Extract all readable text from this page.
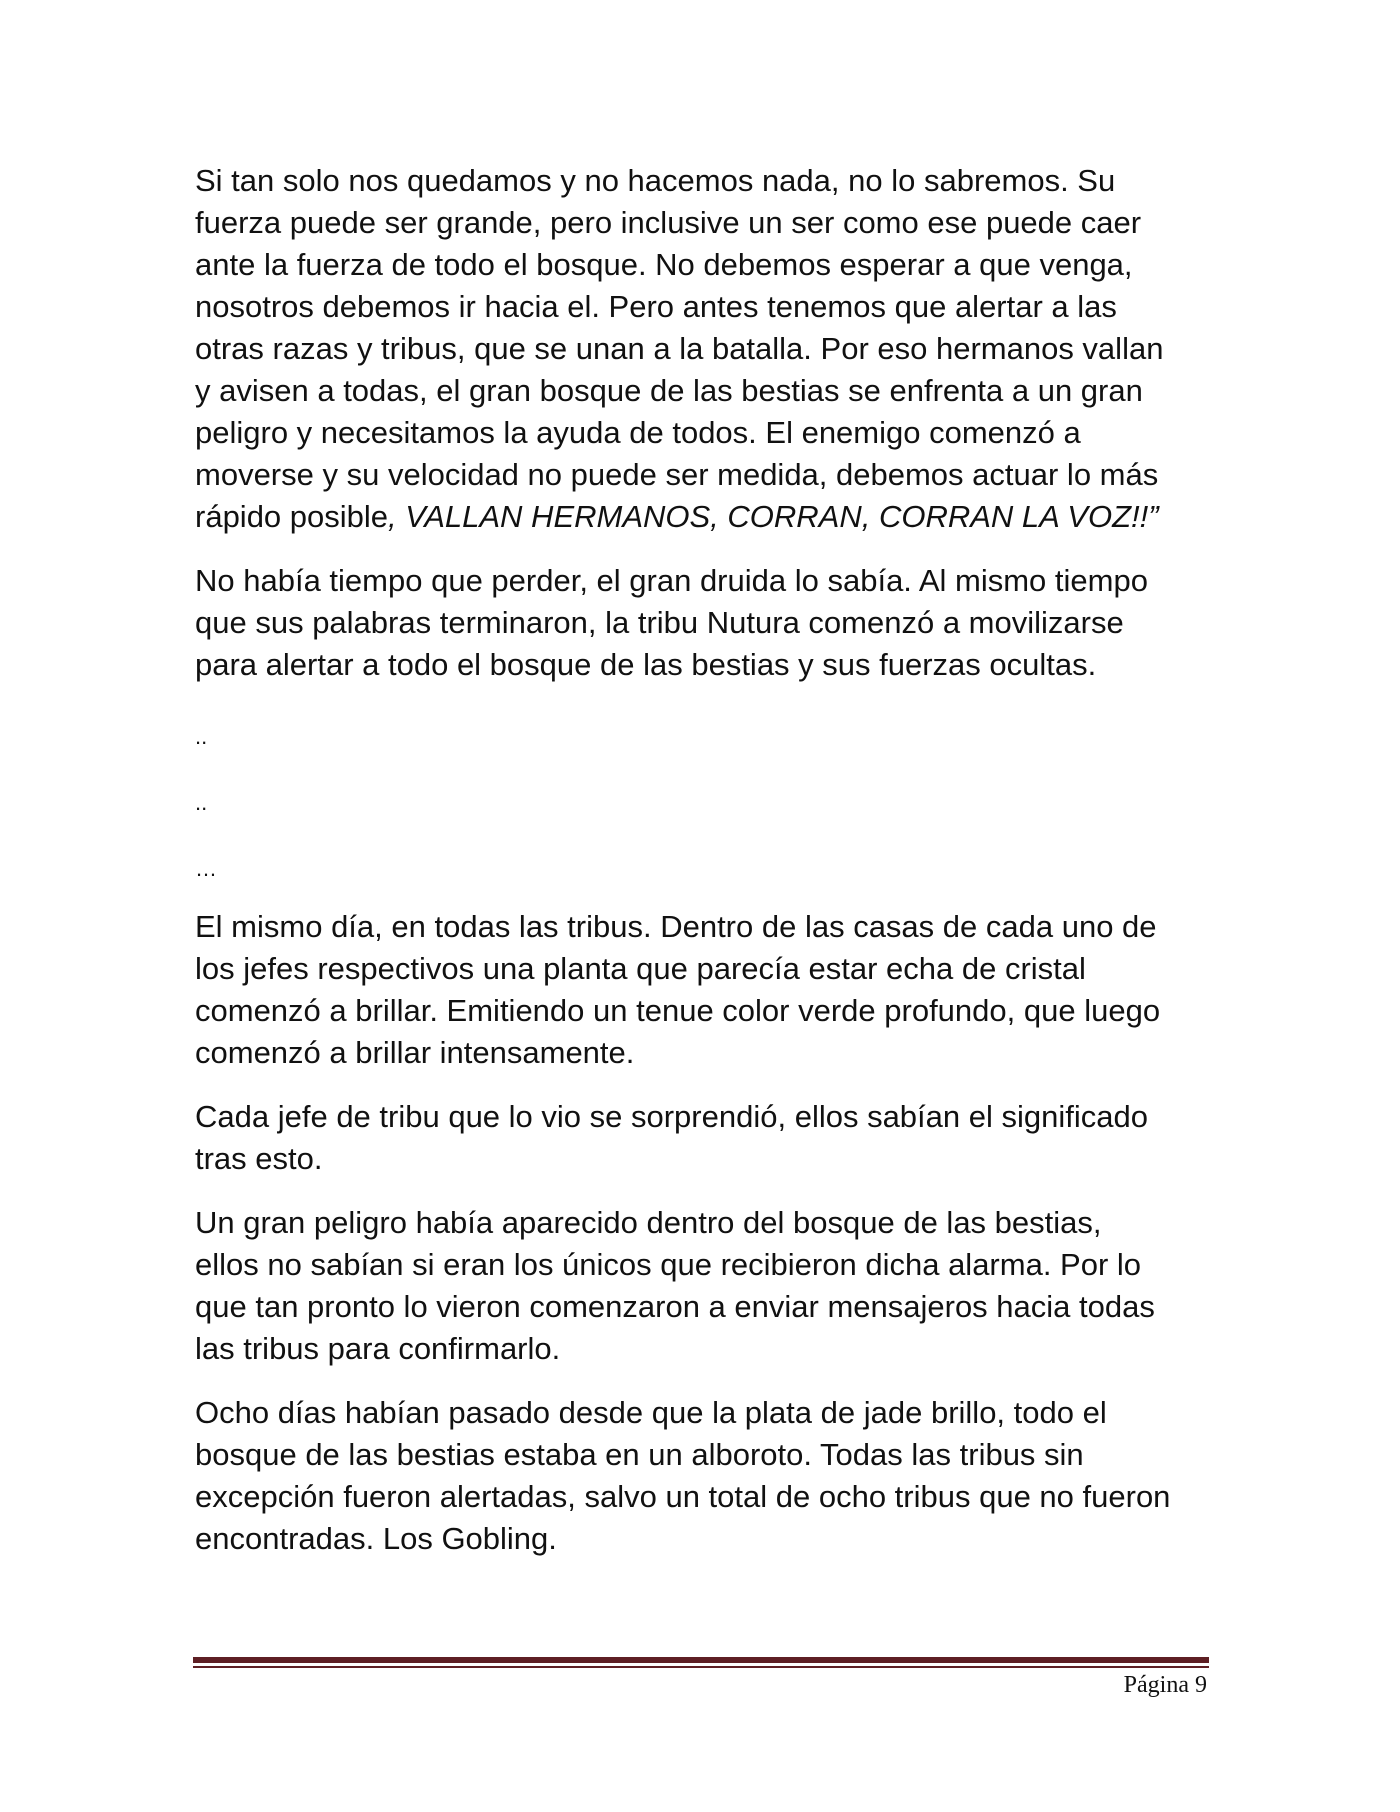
Si tan solo nos quedamos y no hacemos nada, no lo sabremos. Su
fuerza puede ser grande, pero inclusive un ser como ese puede caer
ante la fuerza de todo el bosque. No debemos esperar a que venga,
nosotros debemos ir hacia el. Pero antes tenemos que alertar a las
otras razas y tribus, que se unan a la batalla. Por eso hermanos vallan
y avisen a todas, el gran bosque de las bestias se enfrenta a un gran
peligro y necesitamos la ayuda de todos. El enemigo comenzó a
moverse y su velocidad no puede ser medida, debemos actuar lo más
rápido posible, VALLAN HERMANOS, CORRAN, CORRAN LA VOZ!!”

No había tiempo que perder, el gran druida lo sabía. Al mismo tiempo
que sus palabras terminaron, la tribu Nutura comenzó a movilizarse
para alertar a todo el bosque de las bestias y sus fuerzas ocultas.

..

..

…

El mismo día, en todas las tribus. Dentro de las casas de cada uno de
los jefes respectivos una planta que parecía estar echa de cristal
comenzó a brillar. Emitiendo un tenue color verde profundo, que luego
comenzó a brillar intensamente.

Cada jefe de tribu que lo vio se sorprendió, ellos sabían el significado
tras esto.

Un gran peligro había aparecido dentro del bosque de las bestias,
ellos no sabían si eran los únicos que recibieron dicha alarma. Por lo
que tan pronto lo vieron comenzaron a enviar mensajeros hacia todas
las tribus para confirmarlo.

Ocho días habían pasado desde que la plata de jade brillo, todo el
bosque de las bestias estaba en un alboroto. Todas las tribus sin
excepción fueron alertadas, salvo un total de ocho tribus que no fueron
encontradas. Los Gobling.

Página 9
